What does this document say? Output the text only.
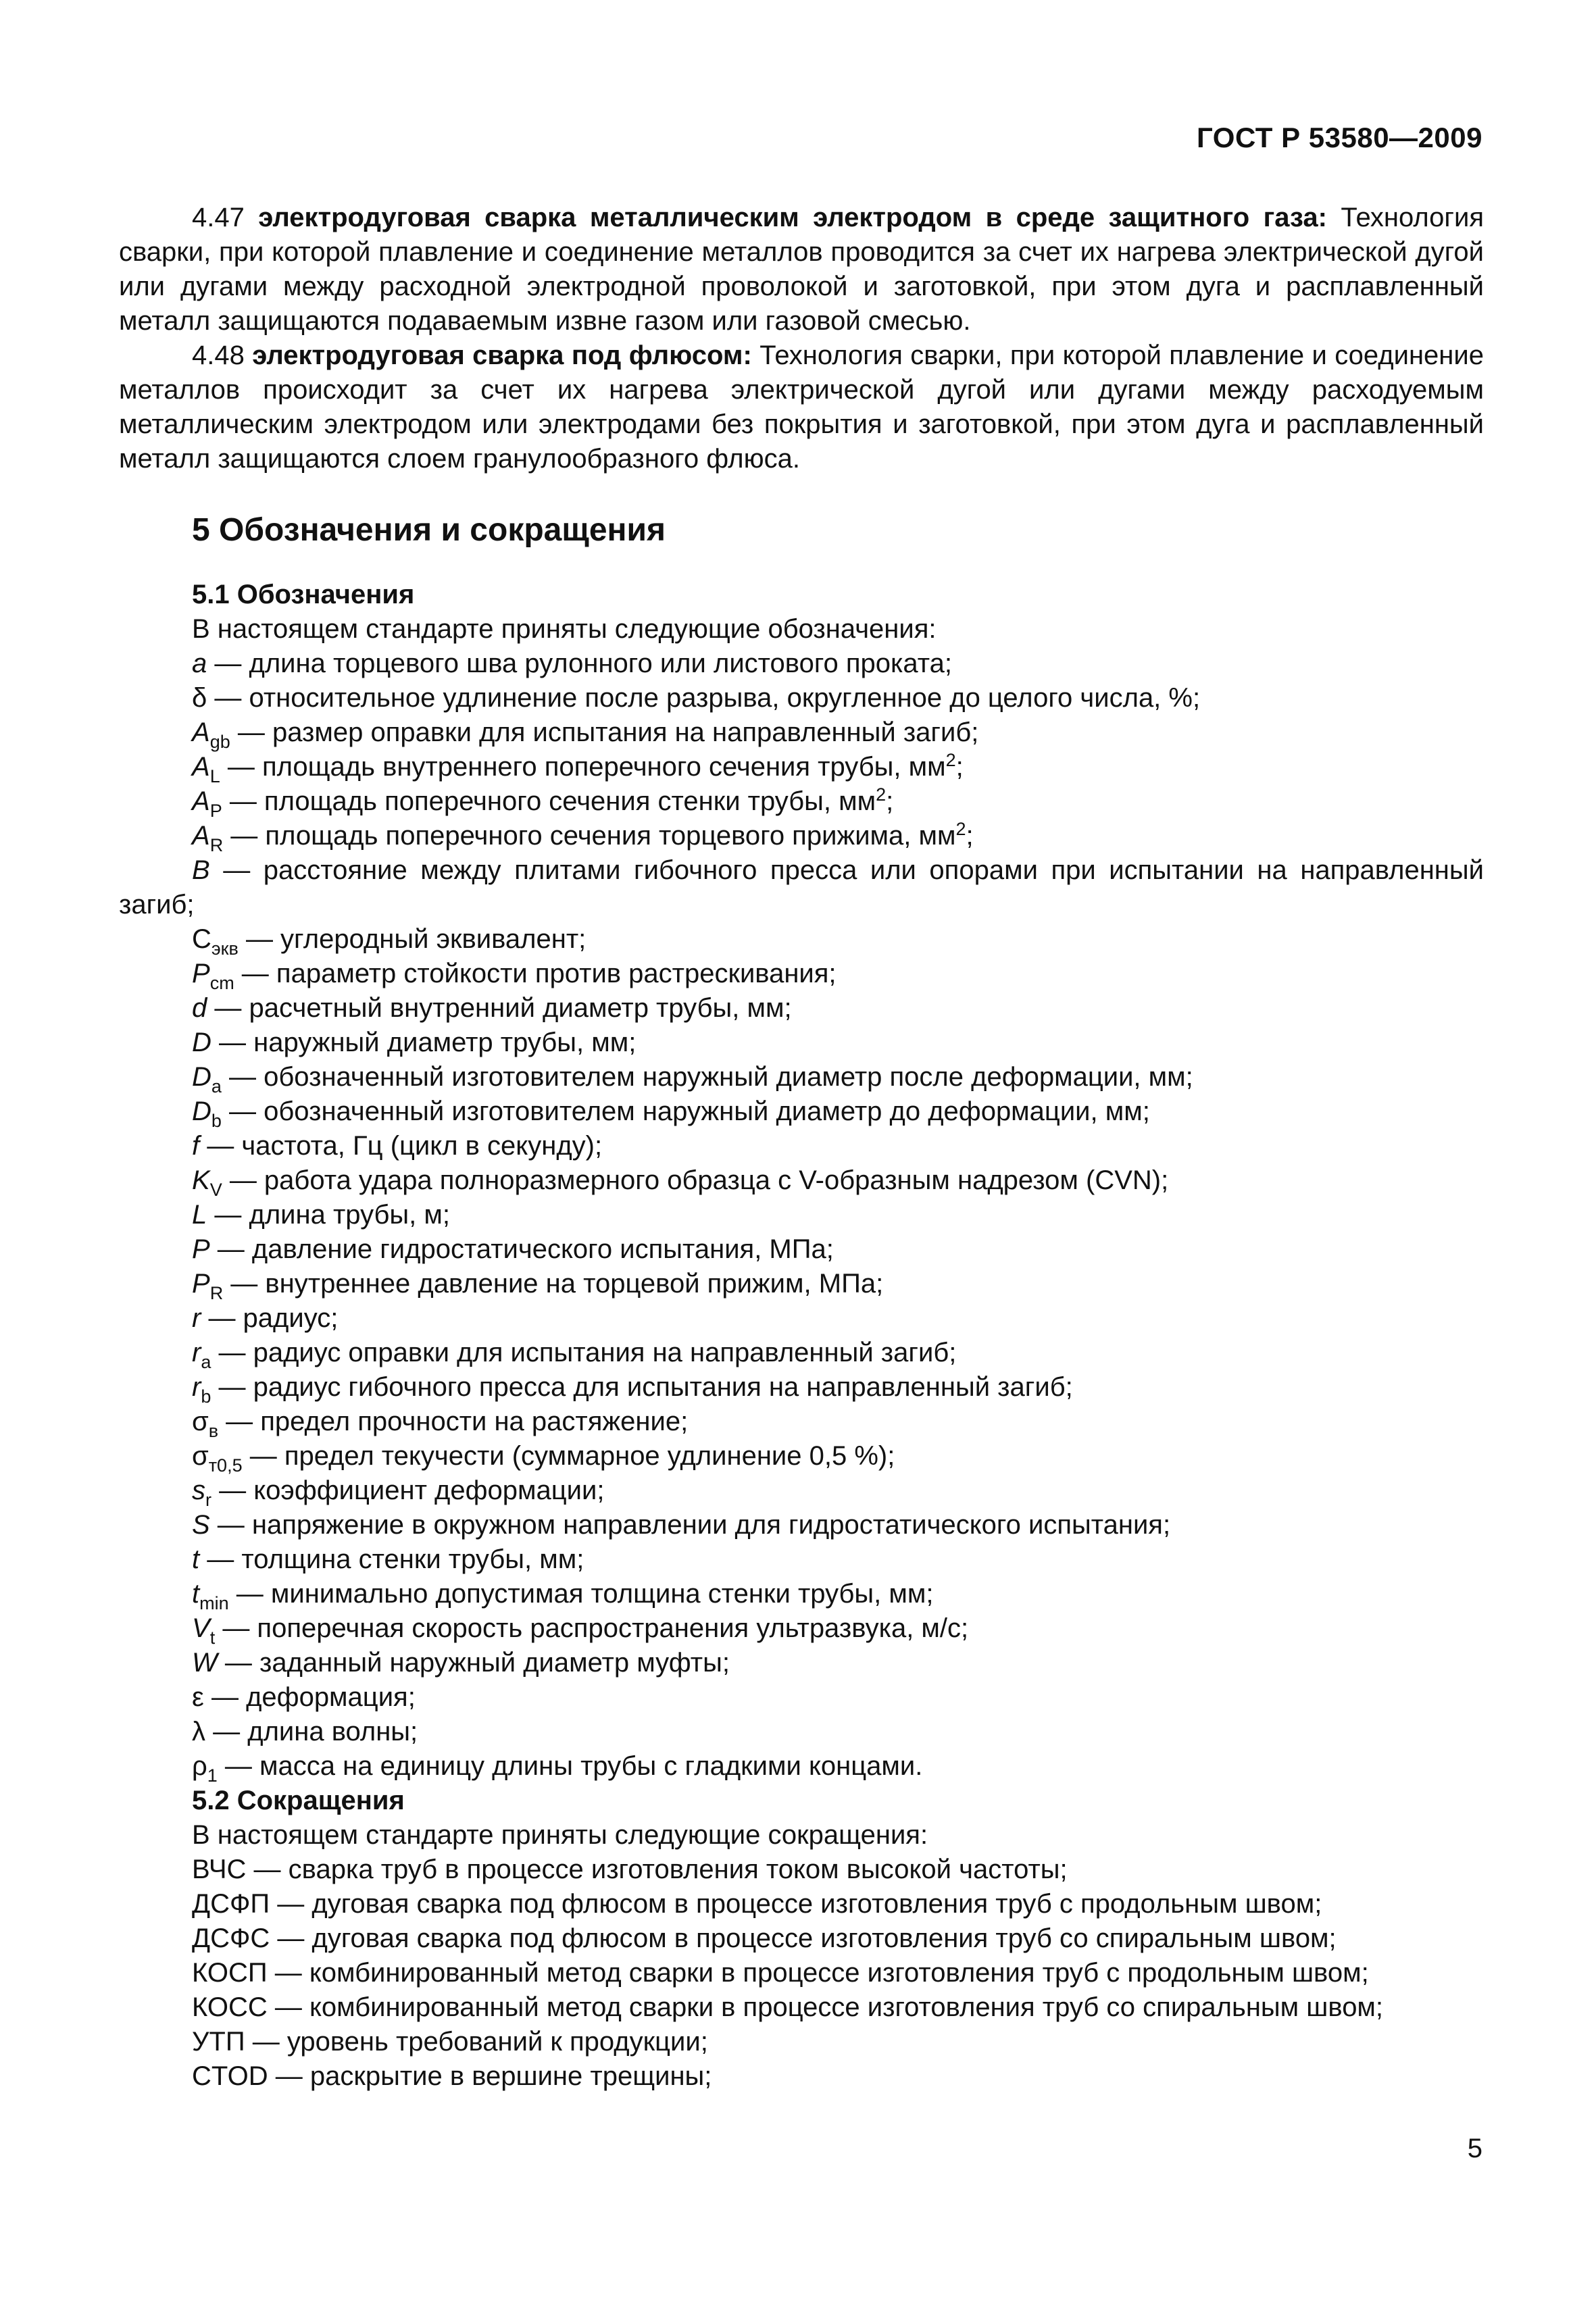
ГОСТ Р 53580—2009

4.47 электродуговая сварка металлическим электродом в среде защитного газа: Технология сварки, при которой плавление и соединение металлов проводится за счет их нагрева электрической дугой или дугами между расходной электродной проволокой и заготовкой, при этом дуга и расплавленный металл защищаются подаваемым извне газом или газовой смесью.

4.48 электродуговая сварка под флюсом: Технология сварки, при которой плавление и соединение металлов происходит за счет их нагрева электрической дугой или дугами между расходуемым металлическим электродом или электродами без покрытия и заготовкой, при этом дуга и расплавленный металл защищаются слоем гранулообразного флюса.

5 Обозначения и сокращения
5.1 Обозначения
В настоящем стандарте приняты следующие обозначения:
a — длина торцевого шва рулонного или листового проката;
δ — относительное удлинение после разрыва, округленное до целого числа, %;
$A_{gb}$ — размер оправки для испытания на направленный загиб;
$A_L$ — площадь внутреннего поперечного сечения трубы, $мм^2$;
$A_P$ — площадь поперечного сечения стенки трубы, $мм^2$;
$A_R$ — площадь поперечного сечения торцевого прижима, $мм^2$;
B — расстояние между плитами гибочного пресса или опорами при испытании на направленный загиб;
$С_{экв}$ — углеродный эквивалент;
$P_{cm}$ — параметр стойкости против растрескивания;
d — расчетный внутренний диаметр трубы, мм;
D — наружный диаметр трубы, мм;
$D_a$ — обозначенный изготовителем наружный диаметр после деформации, мм;
$D_b$ — обозначенный изготовителем наружный диаметр до деформации, мм;
f — частота, Гц (цикл в секунду);
$K_V$ — работа удара полноразмерного образца с V-образным надрезом (CVN);
L — длина трубы, м;
P — давление гидростатического испытания, МПа;
$P_R$ — внутреннее давление на торцевой прижим, МПа;
r — радиус;
$r_a$ — радиус оправки для испытания на направленный загиб;
$r_b$ — радиус гибочного пресса для испытания на направленный загиб;
$\sigma_в$ — предел прочности на растяжение;
$\sigma_{т0,5}$ — предел текучести (суммарное удлинение 0,5 %);
$s_r$ — коэффициент деформации;
S — напряжение в окружном направлении для гидростатического испытания;
t — толщина стенки трубы, мм;
$t_{min}$ — минимально допустимая толщина стенки трубы, мм;
$V_t$ — поперечная скорость распространения ультразвука, м/с;
W — заданный наружный диаметр муфты;
ε — деформация;
λ — длина волны;
$\rho_1$ — масса на единицу длины трубы с гладкими концами.
5.2 Сокращения
В настоящем стандарте приняты следующие сокращения:
ВЧС — сварка труб в процессе изготовления током высокой частоты;
ДСФП — дуговая сварка под флюсом в процессе изготовления труб с продольным швом;
ДСФС — дуговая сварка под флюсом в процессе изготовления труб со спиральным швом;
КОСП — комбинированный метод сварки в процессе изготовления труб с продольным швом;
КОСС — комбинированный метод сварки в процессе изготовления труб со спиральным швом;
УТП — уровень требований к продукции;
CTOD — раскрытие в вершине трещины;
5
